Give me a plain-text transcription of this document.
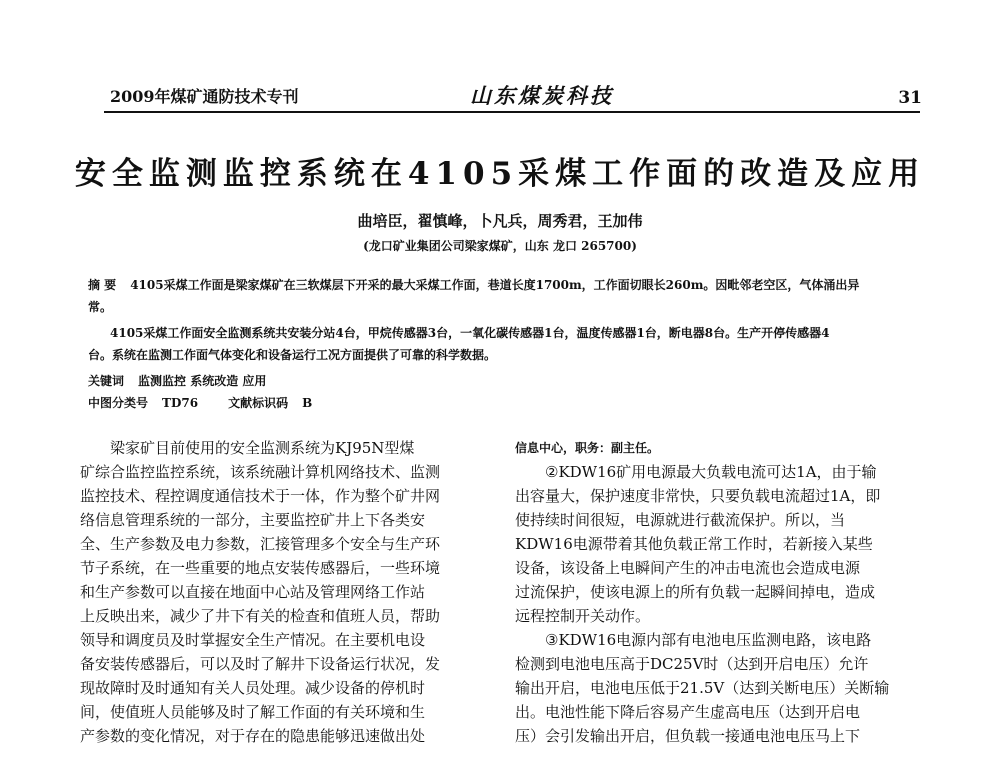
2009年煤矿通防技术专刊	山东煤炭科技	31
安全监测监控系统在4105采煤工作面的改造及应用
曲培臣，翟慎峰，卜凡兵，周秀君，王加伟
(龙口矿业集团公司梁家煤矿，山东 龙口 265700)
摘 要 4105采煤工作面是梁家煤矿在三软煤层下开采的最大采煤工作面，巷道长度1700m，工作面切眼长260m。因毗邻老空区，气体涌出异
常。
4105采煤工作面安全监测系统共安装分站4台，甲烷传感器3台，一氧化碳传感器1台，温度传感器1台，断电器8台。生产开停传感器4
台。系统在监测工作面气体变化和设备运行工况方面提供了可靠的科学数据。
关键词 监测监控 系统改造 应用
中图分类号 TD76	文献标识码 B
梁家矿目前使用的安全监测系统为KJ95N型煤
矿综合监控监控系统，该系统融计算机网络技术、监测
监控技术、程控调度通信技术于一体，作为整个矿井网
络信息管理系统的一部分，主要监控矿井上下各类安
全、生产参数及电力参数，汇接管理多个安全与生产环
节子系统，在一些重要的地点安装传感器后，一些环境
和生产参数可以直接在地面中心站及管理网络工作站
上反映出来，减少了井下有关的检查和值班人员，帮助
领导和调度员及时掌握安全生产情况。在主要机电设
备安装传感器后，可以及时了解井下设备运行状况，发
现故障时及时通知有关人员处理。减少设备的停机时
间，使值班人员能够及时了解工作面的有关环境和生
产参数的变化情况，对于存在的隐患能够迅速做出处
信息中心，职务：副主任。
②KDW16矿用电源最大负载电流可达1A，由于输
出容量大，保护速度非常快，只要负载电流超过1A，即
使持续时间很短，电源就进行截流保护。所以，当
KDW16电源带着其他负载正常工作时，若新接入某些
设备，该设备上电瞬间产生的冲击电流也会造成电源
过流保护，使该电源上的所有负载一起瞬间掉电，造成
远程控制开关动作。
③KDW16电源内部有电池电压监测电路，该电路
检测到电池电压高于DC25V时（达到开启电压）允许
输出开启，电池电压低于21.5V（达到关断电压）关断输
出。电池性能下降后容易产生虚高电压（达到开启电
压）会引发输出开启，但负载一接通电池电压马上下
